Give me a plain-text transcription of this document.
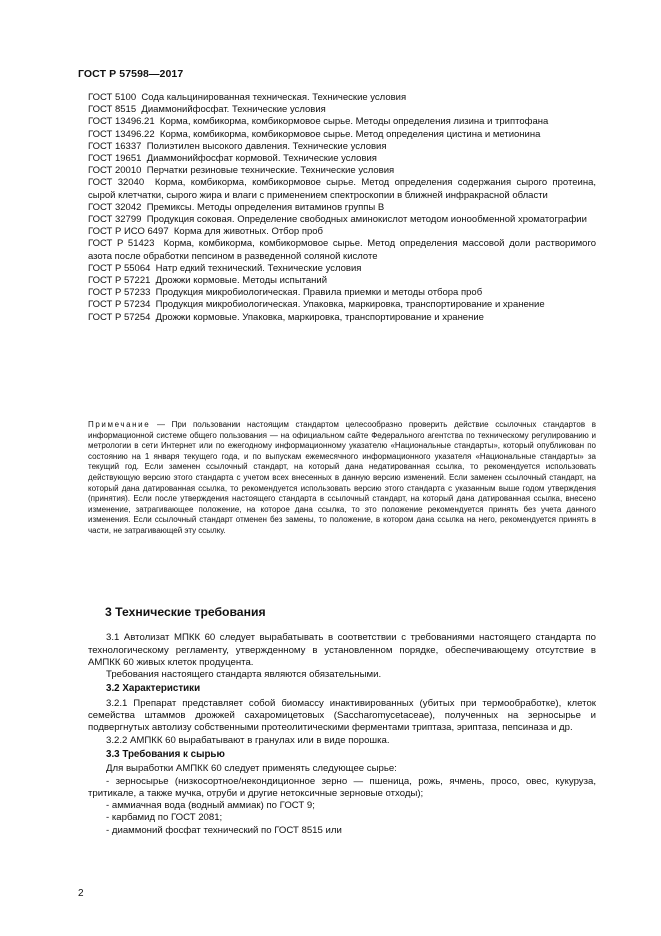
ГОСТ Р 57598—2017

ГОСТ 5100 Сода кальцинированная техническая. Технические условия

ГОСТ 8515 Диаммонийфосфат. Технические условия

ГОСТ 13496.21 Корма, комбикорма, комбикормовое сырье. Методы определения лизина и триптофана

ГОСТ 13496.22 Корма, комбикорма, комбикормовое сырье. Метод определения цистина и метионина

ГОСТ 16337 Полиэтилен высокого давления. Технические условия

ГОСТ 19651 Диаммонийфосфат кормовой. Технические условия

ГОСТ 20010 Перчатки резиновые технические. Технические условия

ГОСТ 32040 Корма, комбикорма, комбикормовое сырье. Метод определения содержания сырого протеина, сырой клетчатки, сырого жира и влаги с применением спектроскопии в ближней инфракрасной области

ГОСТ 32042 Премиксы. Методы определения витаминов группы В

ГОСТ 32799 Продукция соковая. Определение свободных аминокислот методом ионообменной хроматографии

ГОСТ Р ИСО 6497 Корма для животных. Отбор проб

ГОСТ Р 51423 Корма, комбикорма, комбикормовое сырье. Метод определения массовой доли растворимого азота после обработки пепсином в разведенной соляной кислоте

ГОСТ Р 55064 Натр едкий технический. Технические условия

ГОСТ Р 57221 Дрожжи кормовые. Методы испытаний

ГОСТ Р 57233 Продукция микробиологическая. Правила приемки и методы отбора проб

ГОСТ Р 57234 Продукция микробиологическая. Упаковка, маркировка, транспортирование и хранение

ГОСТ Р 57254 Дрожжи кормовые. Упаковка, маркировка, транспортирование и хранение

Примечание — При пользовании настоящим стандартом целесообразно проверить действие ссылочных стандартов в информационной системе общего пользования — на официальном сайте Федерального агентства по техническому регулированию и метрологии в сети Интернет или по ежегодному информационному указателю «Национальные стандарты», который опубликован по состоянию на 1 января текущего года, и по выпускам ежемесячного информационного указателя «Национальные стандарты» за текущий год. Если заменен ссылочный стандарт, на который дана недатированная ссылка, то рекомендуется использовать действующую версию этого стандарта с учетом всех внесенных в данную версию изменений. Если заменен ссылочный стандарт, на который дана датированная ссылка, то рекомендуется использовать версию этого стандарта с указанным выше годом утверждения (принятия). Если после утверждения настоящего стандарта в ссылочный стандарт, на который дана датированная ссылка, внесено изменение, затрагивающее положение, на которое дана ссылка, то это положение рекомендуется принять без учета данного изменения. Если ссылочный стандарт отменен без замены, то положение, в котором дана ссылка на него, рекомендуется принять в части, не затрагивающей эту ссылку.
3 Технические требования

3.1 Автолизат МПКК 60 следует вырабатывать в соответствии с требованиями настоящего стандарта по технологическому регламенту, утвержденному в установленном порядке, обеспечивающему отсутствие в АМПКК 60 живых клеток продуцента.

Требования настоящего стандарта являются обязательными.

3.2 Характеристики

3.2.1 Препарат представляет собой биомассу инактивированных (убитых при термообработке), клеток семейства штаммов дрожжей сахаромицетовых (Saccharomycetaceae), полученных на зерносырье и подвергнутых автолизу собственными протеолитическими ферментами триптаза, эриптаза, пепсиназа и др.

3.2.2 АМПКК 60 вырабатывают в гранулах или в виде порошка.

3.3 Требования к сырью

Для выработки АМПКК 60 следует применять следующее сырье:

- зерносырье (низкосортное/некондиционное зерно — пшеница, рожь, ячмень, просо, овес, кукуруза, тритикале, а также мучка, отруби и другие нетоксичные зерновые отходы);

- аммиачная вода (водный аммиак) по ГОСТ 9;

- карбамид по ГОСТ 2081;

- диаммоний фосфат технический по ГОСТ 8515 или

2
